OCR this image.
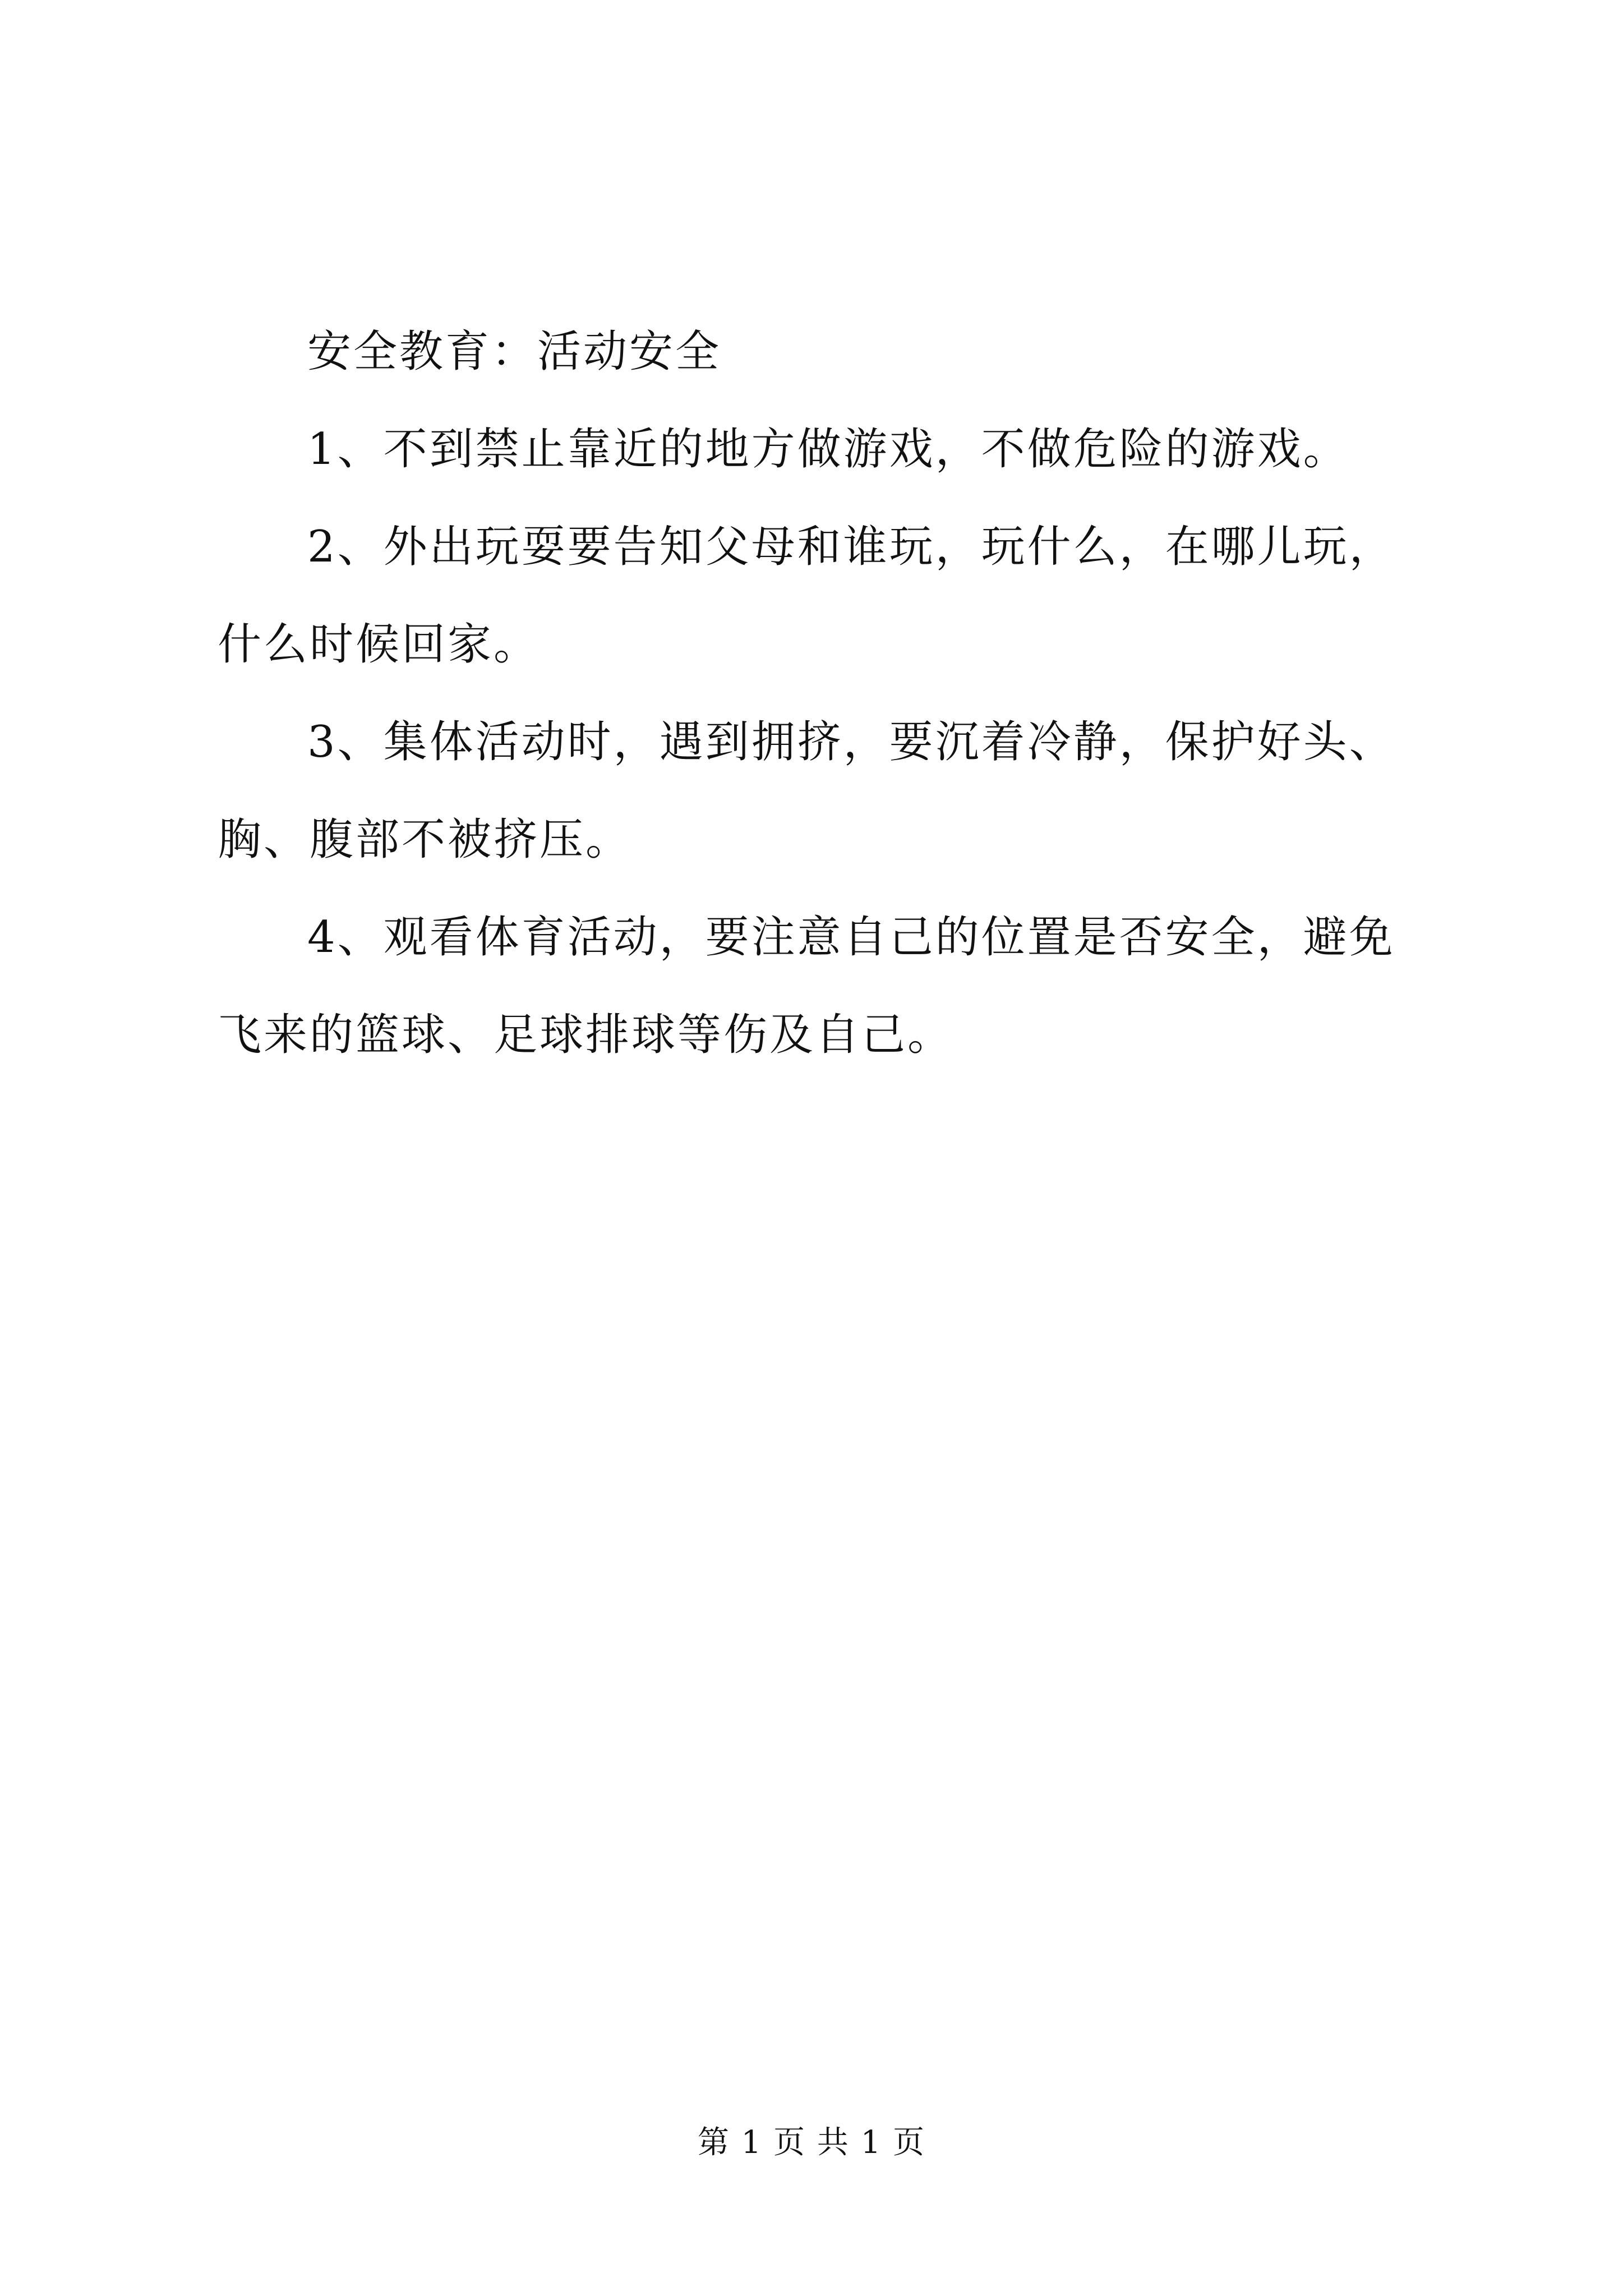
安全教育：活动安全

1、不到禁止靠近的地方做游戏，不做危险的游戏。

2、外出玩耍要告知父母和谁玩，玩什么，在哪儿玩，什么时候回家。

3、集体活动时，遇到拥挤，要沉着冷静，保护好头、胸、腹部不被挤压。

4、观看体育活动，要注意自己的位置是否安全，避免飞来的篮球、足球排球等伤及自己。

第 1 页 共 1 页
